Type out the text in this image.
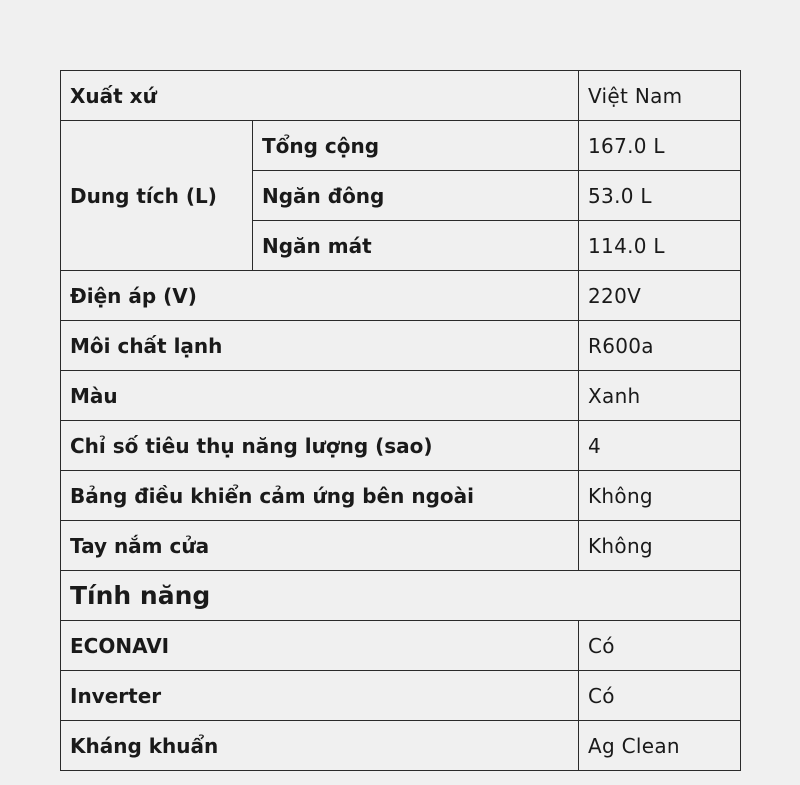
Xuất xứ		Việt Nam
Dung tích (L)	Tổng cộng	167.0 L
	Ngăn đông	53.0 L
	Ngăn mát	114.0 L
Điện áp (V)		220V
Môi chất lạnh		R600a
Màu		Xanh
Chỉ số tiêu thụ năng lượng (sao)		4
Bảng điều khiển cảm ứng bên ngoài		Không
Tay nắm cửa		Không
Tính năng		
ECONAVI		Có
Inverter		Có
Kháng khuẩn		Ag Clean
